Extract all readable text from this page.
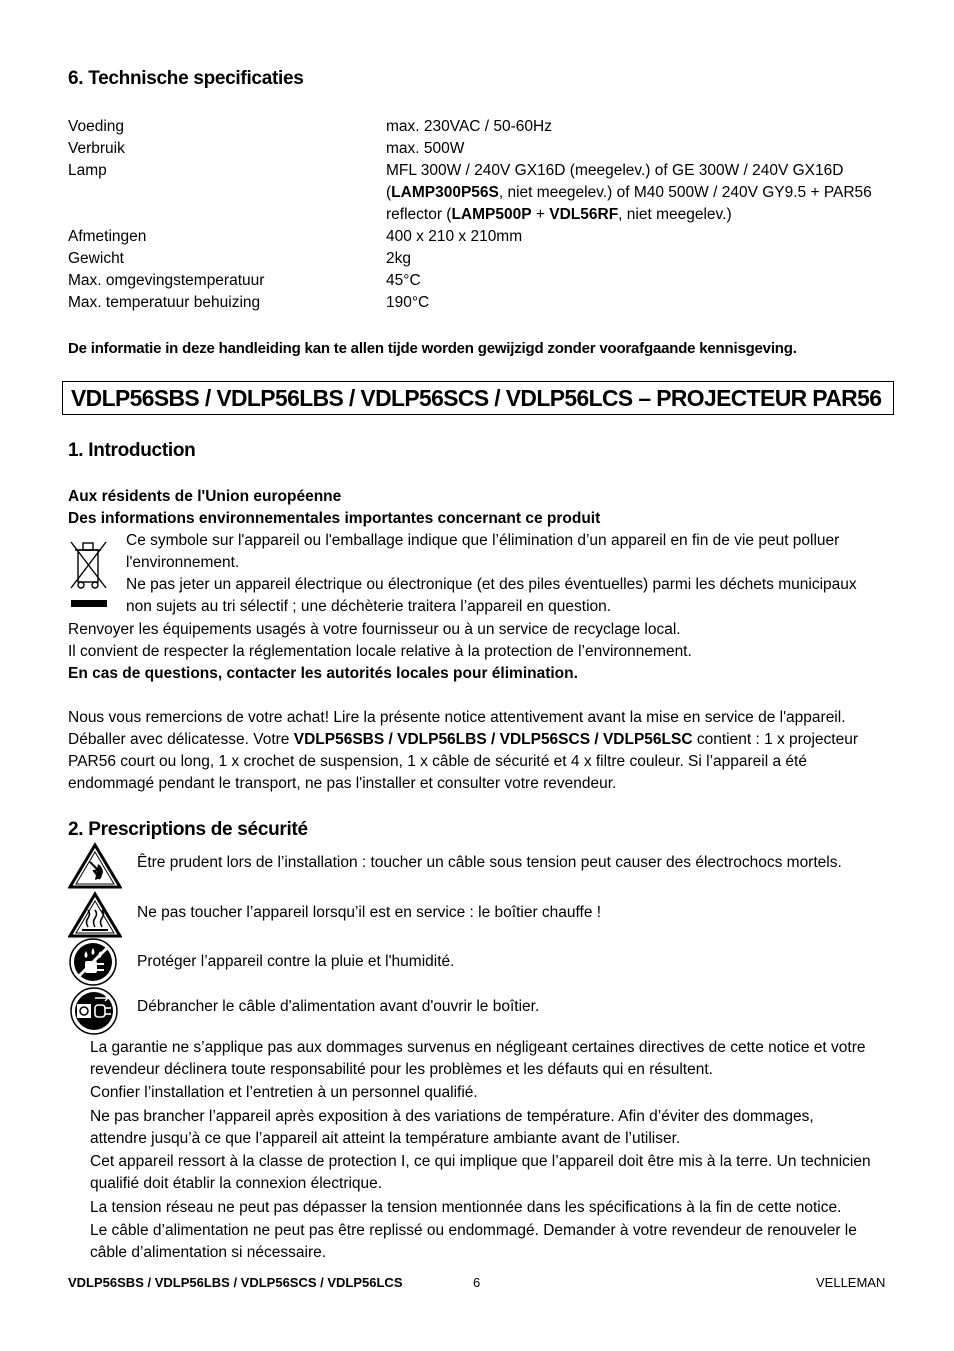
6. Technische specificaties
Voeding	max. 230VAC / 50-60Hz
Verbruik	max. 500W
Lamp	MFL 300W / 240V GX16D (meegelev.) of GE 300W / 240V GX16D
(LAMP300P56S, niet meegelev.) of M40 500W / 240V GY9.5 + PAR56
reflector (LAMP500P + VDL56RF, niet meegelev.)
Afmetingen	400 x 210 x 210mm
Gewicht	2kg
Max. omgevingstemperatuur	45°C
Max. temperatuur behuizing	190°C
De informatie in deze handleiding kan te allen tijde worden gewijzigd zonder voorafgaande kennisgeving.
VDLP56SBS / VDLP56LBS / VDLP56SCS / VDLP56LCS – PROJECTEUR PAR56
1. Introduction
Aux résidents de l'Union européenne
Des informations environnementales importantes concernant ce produit
Ce symbole sur l'appareil ou l'emballage indique que l’élimination d’un appareil en fin de vie peut polluer
l'environnement.
Ne pas jeter un appareil électrique ou électronique (et des piles éventuelles) parmi les déchets municipaux
non sujets au tri sélectif ; une déchèterie traitera l’appareil en question.
Renvoyer les équipements usagés à votre fournisseur ou à un service de recyclage local.
Il convient de respecter la réglementation locale relative à la protection de l’environnement.
En cas de questions, contacter les autorités locales pour élimination.
Nous vous remercions de votre achat! Lire la présente notice attentivement avant la mise en service de l'appareil.
Déballer avec délicatesse. Votre VDLP56SBS / VDLP56LBS / VDLP56SCS / VDLP56LSC contient : 1 x projecteur
PAR56 court ou long, 1 x crochet de suspension, 1 x câble de sécurité et 4 x filtre couleur. Si l’appareil a été
endommagé pendant le transport, ne pas l'installer et consulter votre revendeur.
2. Prescriptions de sécurité
Être prudent lors de l’installation : toucher un câble sous tension peut causer des électrochocs mortels.
Ne pas toucher l’appareil lorsqu’il est en service : le boîtier chauffe !
Protéger l’appareil contre la pluie et l'humidité.
Débrancher le câble d'alimentation avant d'ouvrir le boîtier.
La garantie ne s’applique pas aux dommages survenus en négligeant certaines directives de cette notice et votre
revendeur déclinera toute responsabilité pour les problèmes et les défauts qui en résultent.
Confier l’installation et l’entretien à un personnel qualifié.
Ne pas brancher l’appareil après exposition à des variations de température. Afin d’éviter des dommages,
attendre jusqu’à ce que l’appareil ait atteint la température ambiante avant de l’utiliser.
Cet appareil ressort à la classe de protection I, ce qui implique que l’appareil doit être mis à la terre. Un technicien
qualifié doit établir la connexion électrique.
La tension réseau ne peut pas dépasser la tension mentionnée dans les spécifications à la fin de cette notice.
Le câble d’alimentation ne peut pas être replissé ou endommagé. Demander à votre revendeur de renouveler le
câble d’alimentation si nécessaire.
VDLP56SBS / VDLP56LBS / VDLP56SCS / VDLP56LCS	6	VELLEMAN
